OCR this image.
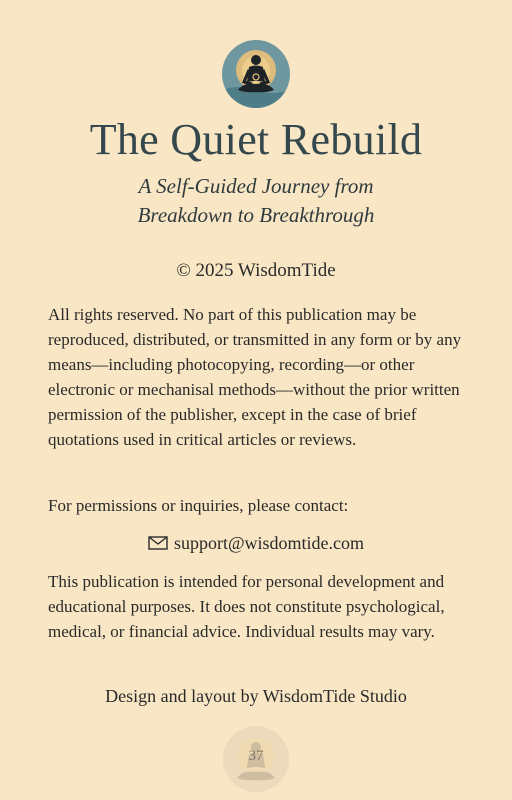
The Quiet Rebuild
A Self-Guided Journey from
Breakdown to Breakthrough
© 2025 WisdomTide
All rights reserved. No part of this publication may be reproduced, distributed, or transmitted in any form or by any means—including photocopying, recording—or other electronic or mechanisal methods—without the prior written permission of the publisher, except in the case of brief quotations used in critical articles or reviews.
For permissions or inquiries, please contact:
support@wisdomtide.com
This publication is intended for personal development and educational purposes. It does not constitute psychological, medical, or financial advice. Individual results may vary.
Design and layout by WisdomTide Studio
37
